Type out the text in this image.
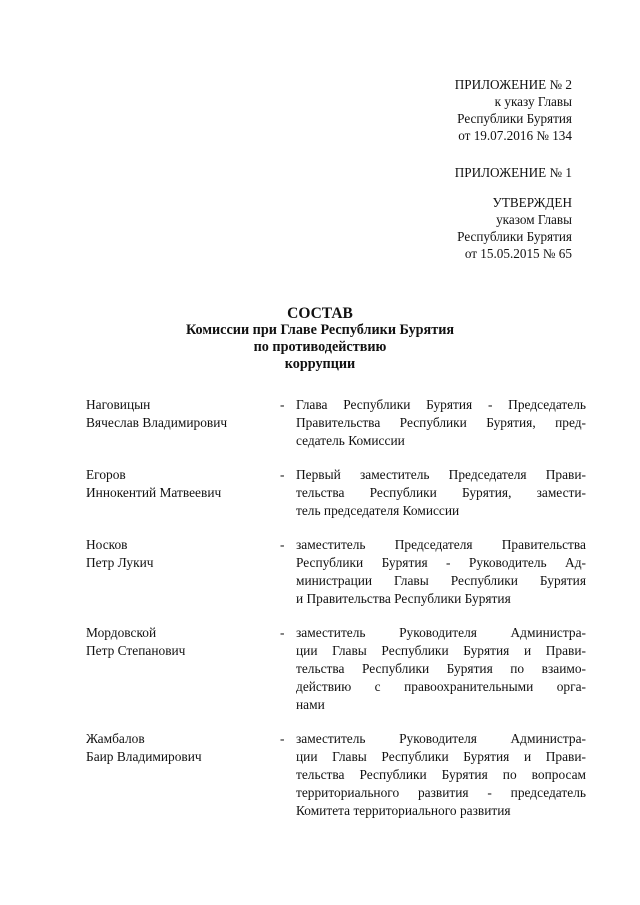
ПРИЛОЖЕНИЕ № 2
к указу Главы
Республики Бурятия
от 19.07.2016 № 134
ПРИЛОЖЕНИЕ № 1
УТВЕРЖДЕН
указом Главы
Республики Бурятия
от 15.05.2015 № 65
СОСТАВ
Комиссии при Главе Республики Бурятия
по противодействию
коррупции
Наговицын
Вячеслав Владимирович
- Глава Республики Бурятия - Председатель
Правительства Республики Бурятия, пред-
седатель Комиссии
Егоров
Иннокентий Матвеевич
- Первый заместитель Председателя Прави-
тельства Республики Бурятия, замести-
тель председателя Комиссии
Носков
Петр Лукич
- заместитель Председателя Правительства
Республики Бурятия - Руководитель Ад-
министрации Главы Республики Бурятия
и Правительства Республики Бурятия
Мордовской
Петр Степанович
- заместитель Руководителя Администра-
ции Главы Республики Бурятия и Прави-
тельства Республики Бурятия по взаимо-
действию с правоохранительными орга-
нами
Жамбалов
Баир Владимирович
- заместитель Руководителя Администра-
ции Главы Республики Бурятия и Прави-
тельства Республики Бурятия по вопросам
территориального развития - председатель
Комитета территориального развития
